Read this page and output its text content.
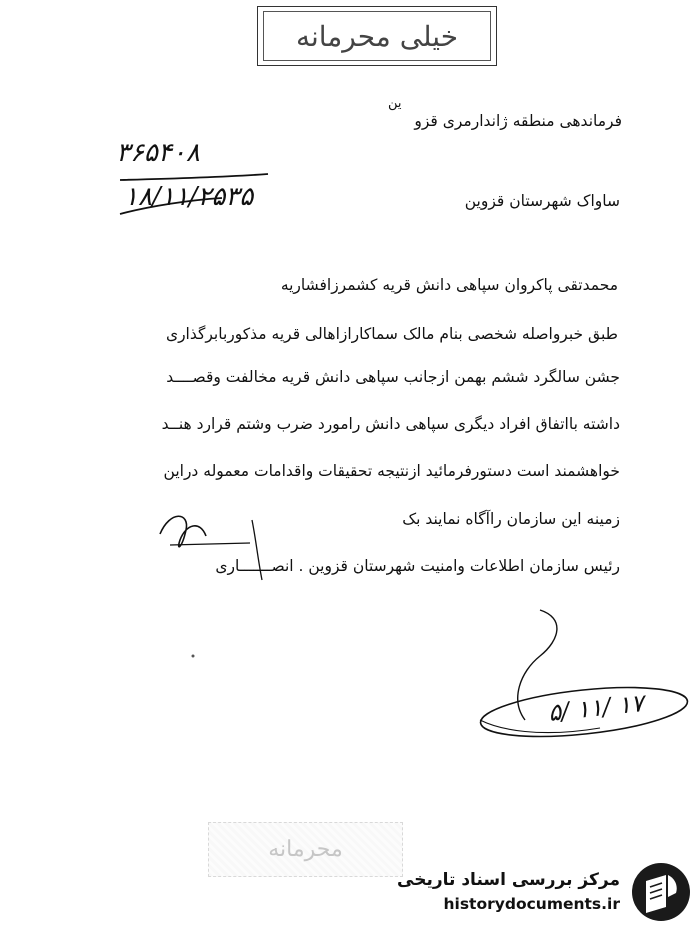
خیلی محرمانه
ین
فرماندهی منطقه ژاندارمری قزو
ساواک شهرستان قزوین
۳۶۵۴۰۸
۱۸/۱۱/۲۵۳۵
محمدتقی پاکروان سپاهی دانش قریه کشمرزافشاریه
طبق خبرواصله شخصی بنام مالک سماکارازاهالی قریه مذکوربابرگذاری
جشن سالگرد ششم بهمن ازجانب سپاهی دانش قریه مخالفت وقصــــد
داشته بااتفاق افراد دیگری سپاهی دانش رامورد ضرب وشتم قرارد هنــد
خواهشمند است دستورفرمائید ازنتیجه تحقیقات واقدامات معموله دراین
زمینه این سازمان راآگاه نمایند ب‍ک
رئیس سازمان اطلاعات وامنیت شهرستان قزوین . انصـــــــاری
۵/ ۱۱/ ۱۷
محرمانه
مرکز بررسی اسناد تاریخی
historydocuments.ir
